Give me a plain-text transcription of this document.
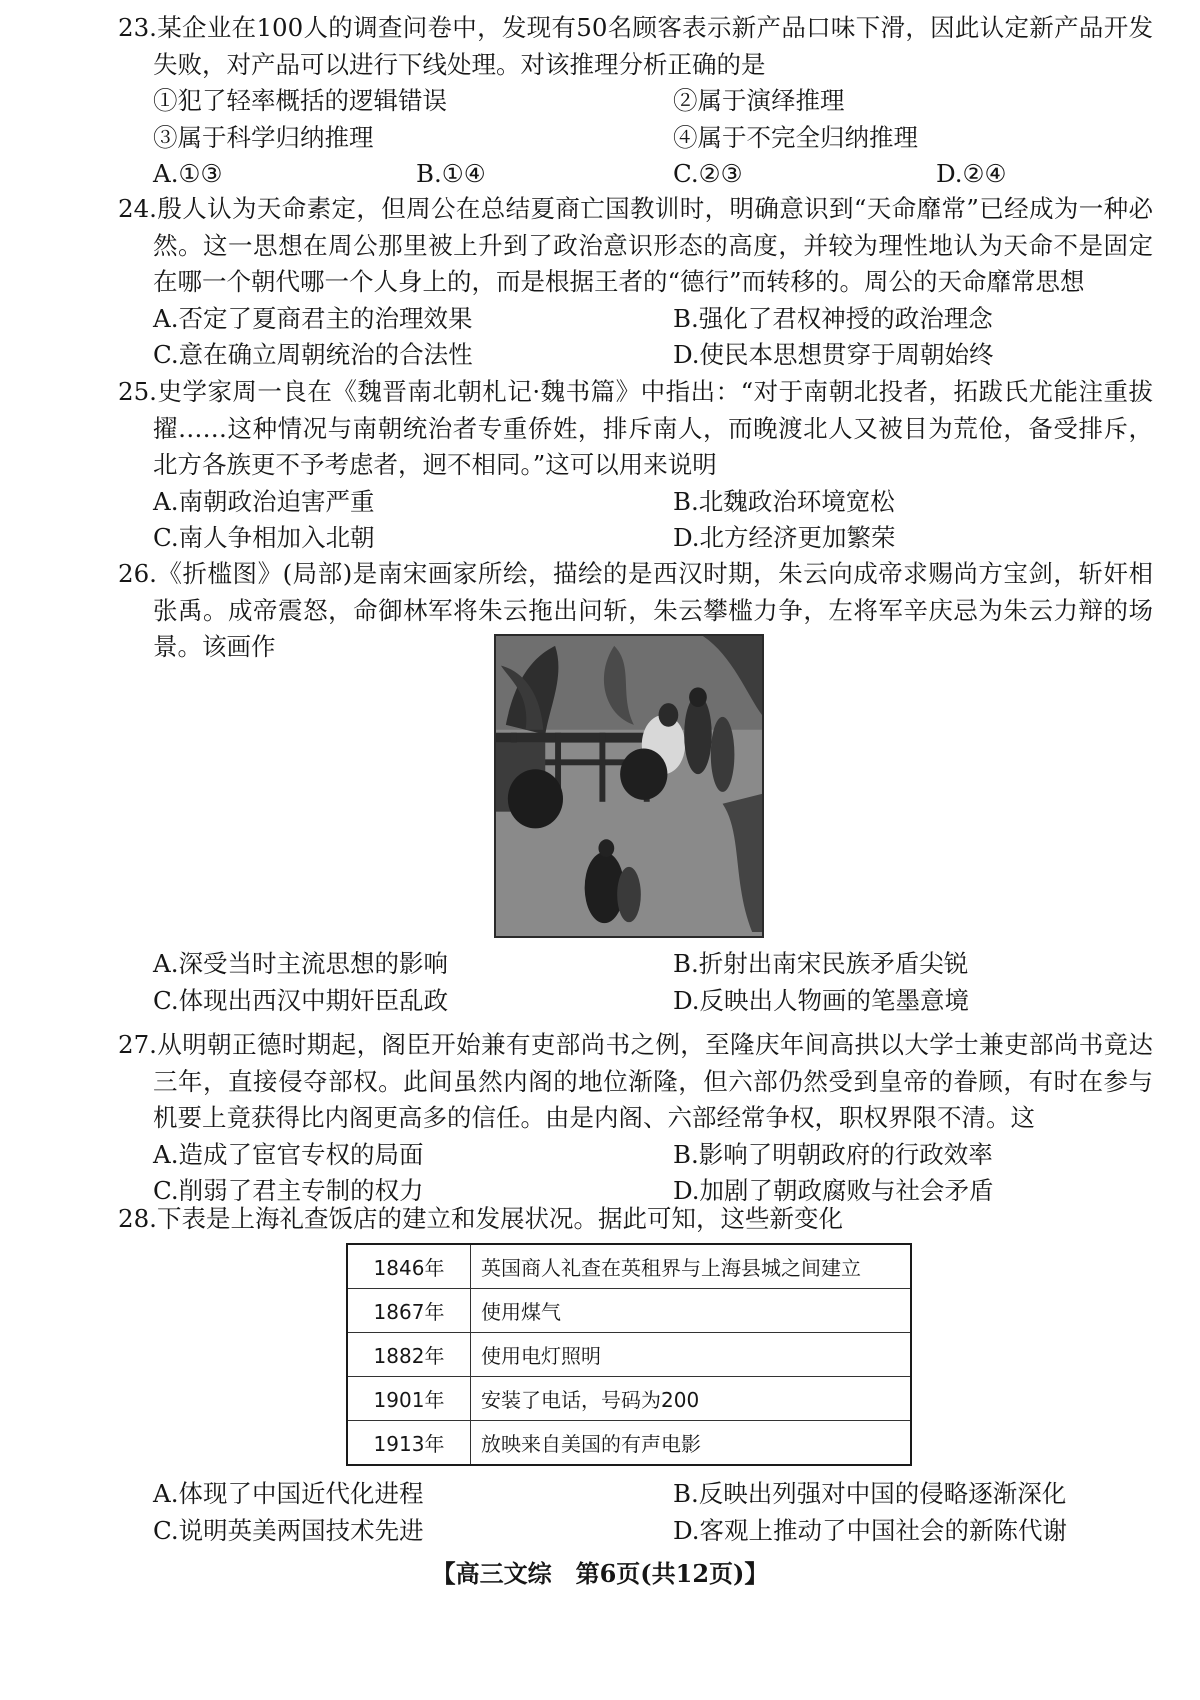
23.某企业在100人的调查问卷中，发现有50名顾客表示新产品口味下滑，因此认定新产品开发失败，对产品可以进行下线处理。对该推理分析正确的是

①犯了轻率概括的逻辑错误	②属于演绎推理
③属于科学归纳推理	④属于不完全归纳推理
A.①③	B.①④	C.②③	D.②④

24.殷人认为天命素定，但周公在总结夏商亡国教训时，明确意识到“天命靡常”已经成为一种必然。这一思想在周公那里被上升到了政治意识形态的高度，并较为理性地认为天命不是固定在哪一个朝代哪一个人身上的，而是根据王者的“德行”而转移的。周公的天命靡常思想

A.否定了夏商君主的治理效果	B.强化了君权神授的政治理念
C.意在确立周朝统治的合法性	D.使民本思想贯穿于周朝始终

25.史学家周一良在《魏晋南北朝札记·魏书篇》中指出：“对于南朝北投者，拓跋氏尤能注重拔擢……这种情况与南朝统治者专重侨姓，排斥南人，而晚渡北人又被目为荒伧，备受排斥，北方各族更不予考虑者，迥不相同。”这可以用来说明

A.南朝政治迫害严重	B.北魏政治环境宽松
C.南人争相加入北朝	D.北方经济更加繁荣

26.《折槛图》(局部)是南宋画家所绘，描绘的是西汉时期，朱云向成帝求赐尚方宝剑，斩奸相张禹。成帝震怒，命御林军将朱云拖出问斩，朱云攀槛力争，左将军辛庆忌为朱云力辩的场景。该画作

A.深受当时主流思想的影响	B.折射出南宋民族矛盾尖锐
C.体现出西汉中期奸臣乱政	D.反映出人物画的笔墨意境

27.从明朝正德时期起，阁臣开始兼有吏部尚书之例，至隆庆年间高拱以大学士兼吏部尚书竟达三年，直接侵夺部权。此间虽然内阁的地位渐隆，但六部仍然受到皇帝的眷顾，有时在参与机要上竟获得比内阁更高多的信任。由是内阁、六部经常争权，职权界限不清。这

A.造成了宦官专权的局面	B.影响了明朝政府的行政效率
C.削弱了君主专制的权力	D.加剧了朝政腐败与社会矛盾

28.下表是上海礼查饭店的建立和发展状况。据此可知，这些新变化

1846年	英国商人礼查在英租界与上海县城之间建立
1867年	使用煤气
1882年	使用电灯照明
1901年	安装了电话，号码为200
1913年	放映来自美国的有声电影
A.体现了中国近代化进程	B.反映出列强对中国的侵略逐渐深化
C.说明英美两国技术先进	D.客观上推动了中国社会的新陈代谢
【高三文综　第6页(共12页)】
